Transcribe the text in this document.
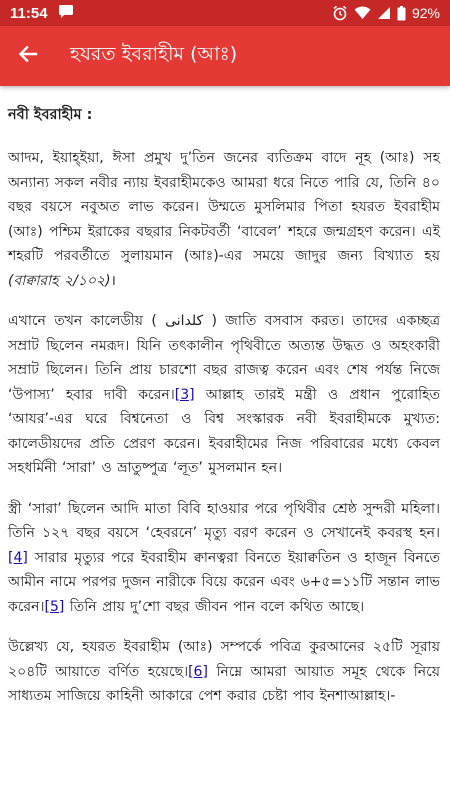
11:54	92%
হযরত ইবরাহীম (আঃ)
নবী ইবরাহীম :

আদম, ইয়াহ্ইয়া, ঈসা প্রমুখ দু’তিন জনের ব্যতিক্রম বাদে নূহ (আঃ) সহ অন্যান্য সকল নবীর ন্যায় ইবরাহীমকেও আমরা ধরে নিতে পারি যে, তিনি ৪০ বছর বয়সে নবুঅত লাভ করেন। উম্মতে মুসলিমার পিতা হযরত ইবরাহীম (আঃ) পশ্চিম ইরাকের বছরার নিকটবর্তী ‘বাবেল’ শহরে জন্মগ্রহণ করেন। এই শহরটি পরবর্তীতে সুলায়মান (আঃ)-এর সময়ে জাদুর জন্য বিখ্যাত হয় (বাক্বারাহ ২/১০২)।

এখানে তখন কালেডীয় ( كلدانى ) জাতি বসবাস করত। তাদের একচ্ছত্র সম্রাট ছিলেন নমরূদ। যিনি তৎকালীন পৃথিবীতে অত্যন্ত উদ্ধত ও অহংকারী সম্রাট ছিলেন। তিনি প্রায় চারশো বছর রাজত্ব করেন এবং শেষ পর্যন্ত নিজে ‘উপাস্য’ হবার দাবী করেন।[3] আল্লাহ তারই মন্ত্রী ও প্রধান পুরোহিত ‘আযর’-এর ঘরে বিশ্বনেতা ও বিশ্ব সংস্কারক নবী ইবরাহীমকে মুখ্যত: কালেডীয়দের প্রতি প্রেরণ করেন। ইবরাহীমের নিজ পরিবারের মধ্যে কেবল সহধর্মিনী ‘সারা’ ও ভ্রাতুষ্পুত্র ‘লূত’ মুসলমান হন।

স্ত্রী ‘সারা’ ছিলেন আদি মাতা বিবি হাওয়ার পরে পৃথিবীর শ্রেষ্ঠ সুন্দরী মহিলা। তিনি ১২৭ বছর বয়সে ‘হেবরনে’ মৃত্যু বরণ করেন ও সেখানেই কবরস্থ হন।[4] সারার মৃত্যুর পরে ইবরাহীম ক্বানত্বরা বিনতে ইয়াক্বতিন ও হাজূন বিনতে আমীন নামে পরপর দুজন নারীকে বিয়ে করেন এবং ৬+৫=১১টি সন্তান লাভ করেন।[5] তিনি প্রায় দু’শো বছর জীবন পান বলে কথিত আছে।

উল্লেখ্য যে, হযরত ইবরাহীম (আঃ) সম্পর্কে পবিত্র কুরআনের ২৫টি সূরায় ২০৪টি আয়াতে বর্ণিত হয়েছে।[6] নিম্নে আমরা আয়াত সমূহ থেকে নিয়ে সাধ্যতম সাজিয়ে কাহিনী আকারে পেশ করার চেষ্টা পাব ইনশাআল্লাহ।-
